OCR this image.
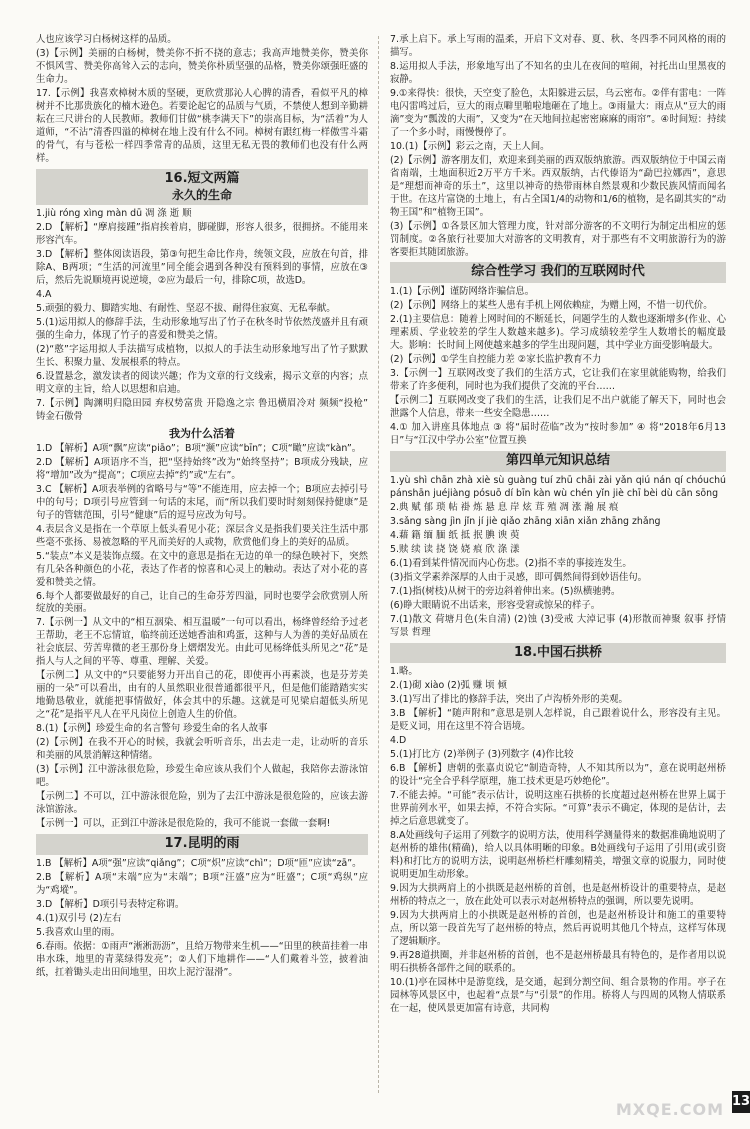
人也应该学习白杨树这样的品质。

(3)【示例】美丽的白杨树，赞美你不折不挠的意志；我高声地赞美你，赞美你不惧风雪、赞美你高耸入云的志向，赞美你朴质坚强的品格，赞美你颂强旺盛的生命力。

17.【示例】我喜欢樟树木质的坚硬，更欣赏那沁人心脾的清香，看似平凡的樟树并不比那贵族化的楠木逊色。若要论起它的品质与气质，不禁使人想到辛勤耕耘在三尺讲台的人民教师。教师们甘做“桃李满天下”的崇高目标，为“活着”为人道师，“不沾”清香四溢的樟树在地上没有什么不同。樟树有跟红梅一样傲雪斗霜的骨气，有与苍松一样四季常青的品质，这里无私无畏的教师们也没有什么两样。

16.短文两篇
永久的生命

1.jiù róng xìng màn dū 凋 涤 逝 顺

2.D 【解析】“摩肩接踵”指肩挨着肩，脚碰脚，形容人很多，很拥挤。不能用来形容汽车。

3.D 【解析】整体阅读语段，第③句把生命比作舟，统领文段，应放在句首，排除A、B两项；“生活的河流里”同全能会遇到各种没有预料到的事情，应放在③后，然后先说顺境再说逆境，②应为最后一句，排除C项，故选D。

4.A

5.顽强的毅力、脚踏实地、有耐性、坚忍不拔、耐得住寂寞、无私奉献。

5.(1)运用拟人的修辞手法，生动形象地写出了竹子在秋冬时节依然茂盛并且有顽强的生命力，体现了竹子的喜爱和赞美之情。

(2)“憨”字运用拟人手法描写成植物，以拟人的手法生动形象地写出了竹子默默生长、积聚力量、发展根系的特点。

6.设置悬念，激发读者的阅读兴趣；作为文章的行文线索，揭示文章的内容；点明文章的主旨，给人以思想和启迪。

7.【示例】陶渊明归隐田园 弃权势富贵 开隐逸之宗 鲁迅横眉冷对 频频“投枪” 铸金石傲骨

我为什么活着

1.D 【解析】A项“飘”应读“piāo”；B项“濒”应读“bīn”；C项“瞰”应读“kàn”。

2.D 【解析】A项语序不当，把“坚持始终”改为“始终坚持”；B项成分残缺，应将“增加”改为“提高”；C项应去掉“约”或“左右”。

3.C 【解析】A项表举例的省略号与“等”不能连用，应去掉一个；B项应去掉引号中的句号；D项引号应管到一句话的末尾，而“所以我们要时时刻刻保持健康”是句子的管辖范围，引号“健康”后的逗号应改为句号。

4.表层含义是指在一个草原上低头看见小花；深层含义是指我们要关注生活中那些毫不张扬、易被忽略的平凡而美好的人或物，欣赏他们身上的美好的品质。

5.“装点”本义是装饰点缀。在文中的意思是指在无边的单一的绿色映衬下，突然有几朵各种颜色的小花，表达了作者的惊喜和心灵上的触动。表达了对小花的喜爱和赞美之情。

6.每个人都要做最好的自己，让自己的生命芬芳四溢，同时也要学会欣赏别人所绽放的美丽。

7.【示例一】从文中的“相互洇染、相互温暖”一句可以看出，杨绛曾经给予过老王帮助，老王不忘情谊，临终前还送她香油和鸡蛋，这种与人为善的美好品质在社会底层、劳苦卑微的老王那份身上熠熠发光。由此可见杨绛低头所见之“花”是指人与人之间的平等、尊重、理解、关爱。

【示例二】从文中的“只要能努力开出自己的花，即使再小再素淡，也是芬芳美丽的一朵”可以看出，由有的人虽然职业很普通都很平凡，但是他们能踏踏实实地勤恳敬业，就能把事情做好，体会其中的乐趣。这就是可见梁启超低头所见之“花”是指平凡人在平凡岗位上创造人生的价值。

8.(1)【示例】珍爱生命的名言警句 珍爱生命的名人故事

(2)【示例】在我不开心的时候，我就会听听音乐，出去走一走，让动听的音乐和美丽的风景消解这种情绪。

(3)【示例】江中游泳很危险，珍爱生命应该从我们个人做起，我陪你去游泳馆吧。

【示例二】不可以，江中游泳很危险，别为了去江中游泳是很危险的，应该去游泳馆游泳。

【示例一】可以，正到江中游泳是很危险的，我可不能说一套做一套啊!

17.昆明的雨

1.B 【解析】A项“强”应读“qiǎng”；C项“炽”应读“chì”；D项“匝”应读“zā”。

2.B 【解析】A项“末端”应为“末端”；B项“汪盛”应为“旺盛”；C项“鸡纵”应为“鸡㙡”。

3.D 【解析】D项引号表特定称谓。

4.(1)双引号 (2)左右

5.我喜欢山里的雨。

6.春雨。依据：①雨声“淅淅沥沥”，且给万物带来生机——“田里的秧苗挂着一串串水珠，地里的青菜绿得发亮”；②人们下地耕作——“人们戴着斗笠，披着油纸，扛着锄头走出田间地里，田坎上泥泞湿滑”。

7.承上启下。承上写雨的温柔，开启下文对春、夏、秋、冬四季不同风格的雨的描写。

8.运用拟人手法，形象地写出了不知名的虫儿在夜间的喧闹，衬托出山里黑夜的寂静。

9.①来得快：很快，天空变了脸色，太阳躲进云层，乌云密布。②伴有雷电：一阵电闪雷鸣过后，豆大的雨点噼里啪啦地砸在了地上。③雨量大：雨点从“豆大的雨滴”变为“瓢泼的大雨”，又变为“在天地间拉起密密麻麻的雨帘”。④时间短：持续了一个多小时，雨慢慢停了。

10.(1)【示例】彩云之南，天上人间。

(2)【示例】游客朋友们，欢迎来到美丽的西双版纳旅游。西双版纳位于中国云南省南端，土地面积近2万平方千米。西双版纳，古代傣语为“勐巴拉娜西”，意思是“理想而神奇的乐土”，这里以神奇的热带雨林自然景观和少数民族风情而闻名于世。在这片富饶的土地上，有占全国1/4的动物和1/6的植物，是名副其实的“动物王国”和“植物王国”。

(3)【示例】①各景区加大管理力度，针对部分游客的不文明行为制定出相应的惩罚制度。②各旅行社要加大对游客的文明教育，对于那些有不文明旅游行为的游客要拒其随团旅游。

综合性学习 我们的互联网时代

1.(1)【示例】谨防网络诈骗信息。

(2)【示例】网络上的某些人患有手机上网依赖症，为赠上网，不惜一切代价。

2.(1)主要信息：随着上网时间的不断延长，问题学生的人数也逐渐增多(作业、心理素质、学业较差的学生人数越来越多)。学习成绩较差学生人数增长的幅度最大。影响：长时间上网使越来越多的学生出现问题，其中学业方面受影响最大。

(2)【示例】①学生自控能力差 ②家长监护教育不力

3.【示例一】互联网改变了我们的生活方式，它让我们在家里就能购物，给我们带来了许多便利，同时也为我们提供了交流的平台……

【示例二】互联网改变了我们的生活，让我们足不出户就能了解天下，同时也会泄露个人信息，带来一些安全隐患……

4.① 加入讲座具体地点 ③ 将“届时莅临”改为“按时参加” ④ 将“2018年6月13日”与“江汉中学办公室”位置互换

第四单元知识总结

1.yù shì chān zhà xiè sù guàng tuí zhū chāi zài yǎn qiú nán qí chóuchú pánshān juéjiàng pósuō dí bīn kàn wù chén yǐn jiè chī bèi dù cān sōng

2.典 赋 郁 琐 帖 褂 炼 悬 息 岸 炫 茸 殖 凋 涨 瀚 展 痕

3.sǎng sàng jìn jǐn jí jiè qiǎo zhāng xiān xiǎn zhāng zhǎng

4.藉 籍 缅 腼 纸 抵 抿 腆 谀 萸

5.赎 续 读 挠 饶 娆 痕 欣 涤 漾

6.(1)看到某件情况而内心伤悲。(2)指不幸的事接连发生。

(3)指文学素养深厚的人由于灵感，即可偶然间得到妙语佳句。

7.(1)指(树枝)从树干的旁边斜着伸出来。(5)纵横驰骋。

(6)睁大眼睛说不出话来，形容受窘或惊呆的样子。

7.(1)散文 荷塘月色(朱自清) (2)蚀 (3)受戒 大淖记事 (4)形散而神聚 叙事 抒情 写景 哲理

18.中国石拱桥

1.略。

2.(1)砌 xiào (2)弧 赚 顷 倾

3.(1)写出了排比的修辞手法，突出了卢沟桥外形的美观。

3.B 【解析】“随声附和”意思是别人怎样说，自己跟着说什么，形容没有主见。是贬义词，用在这里不符合语境。

4.D

5.(1)打比方 (2)举例子 (3)列数字 (4)作比较

6.B 【解析】唐朝的张嘉贞说它“制造奇特，人不知其所以为”，意在说明赵州桥的设计“完全合乎科学原理，施工技术更是巧妙绝伦”。

7.不能去掉。“可能”表示估计，说明这座石拱桥的长度超过赵州桥在世界上属于世界前列水平，如果去掉，不符合实际。“可算”表示不确定，体现的是估计，去掉之后意思就变了。

8.A处画线句子运用了列数字的说明方法，使用科学测量得来的数据准确地说明了赵州桥的雄伟(精确)，给人以具体明晰的印象。B处画线句子运用了引用(或引资料)和打比方的说明方法，说明赵州桥栏杆雕刻精美，增强文章的说服力，同时使说明更加生动形象。

9.因为大拱两肩上的小拱既是赵州桥的首创，也是赵州桥设计的重要特点，是赵州桥的特点之一，放在此处可以表示对赵州桥特点的强调，所以要先说明。

9.因为大拱两肩上的小拱既是赵州桥的首创，也是赵州桥设计和施工的重要特点，所以第一段首先写了赵州桥的特点，然后再说明其他几个特点，这样写体现了逻辑顺序。

9.再28道拱圈，并非赵州桥的首创，也不是赵州桥最具有特色的，是作者用以说明石拱桥各部件之间的联系的。

10.(1)亭在园林中是游览线，是交通，起到分割空间、组合景物的作用。亭子在园林等风景区中，也起着“点景”与“引景”的作用。桥将人与四周的风物人情联系在一起，使风景更加富有诗意，共同构

MXQE.COM 13
